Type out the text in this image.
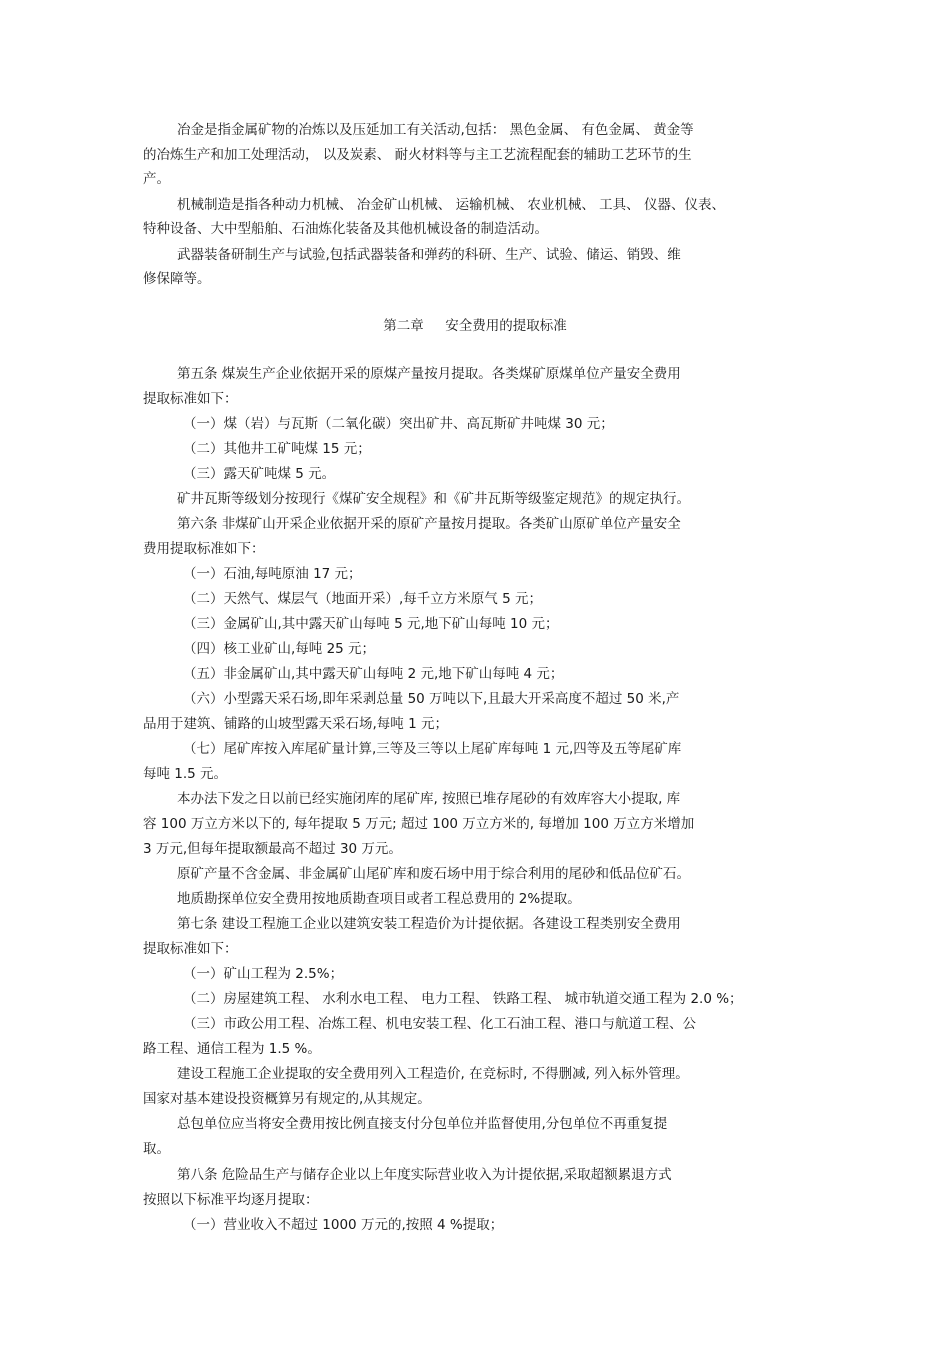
冶金是指金属矿物的冶炼以及压延加工有关活动,包括： 黑色金属、 有色金属、 黄金等

的冶炼生产和加工处理活动， 以及炭素、 耐火材料等与主工艺流程配套的辅助工艺环节的生

产。

机械制造是指各种动力机械、 冶金矿山机械、 运输机械、 农业机械、 工具、 仪器、仪表、

特种设备、大中型船舶、石油炼化装备及其他机械设备的制造活动。

武器装备研制生产与试验,包括武器装备和弹药的科研、生产、试验、储运、销毁、维

修保障等。

第二章     安全费用的提取标准

第五条 煤炭生产企业依据开采的原煤产量按月提取。各类煤矿原煤单位产量安全费用

提取标准如下：

（一）煤（岩）与瓦斯（二氧化碳）突出矿井、高瓦斯矿井吨煤 30 元；

（二）其他井工矿吨煤 15 元；

（三）露天矿吨煤 5 元。

矿井瓦斯等级划分按现行《煤矿安全规程》和《矿井瓦斯等级鉴定规范》的规定执行。

第六条 非煤矿山开采企业依据开采的原矿产量按月提取。各类矿山原矿单位产量安全

费用提取标准如下：

（一）石油,每吨原油 17 元；

（二）天然气、煤层气（地面开采）,每千立方米原气 5 元；

（三）金属矿山,其中露天矿山每吨 5 元,地下矿山每吨 10 元；

（四）核工业矿山,每吨 25 元；

（五）非金属矿山,其中露天矿山每吨 2 元,地下矿山每吨 4 元；

（六）小型露天采石场,即年采剥总量 50 万吨以下,且最大开采高度不超过 50 米,产

品用于建筑、铺路的山坡型露天采石场,每吨 1 元；

（七）尾矿库按入库尾矿量计算,三等及三等以上尾矿库每吨 1 元,四等及五等尾矿库

每吨 1.5 元。

本办法下发之日以前已经实施闭库的尾矿库, 按照已堆存尾砂的有效库容大小提取, 库

容 100 万立方米以下的, 每年提取 5 万元; 超过 100 万立方米的, 每增加 100 万立方米增加

3 万元,但每年提取额最高不超过 30 万元。

原矿产量不含金属、非金属矿山尾矿库和废石场中用于综合利用的尾砂和低品位矿石。

地质勘探单位安全费用按地质勘查项目或者工程总费用的 2%提取。

第七条 建设工程施工企业以建筑安装工程造价为计提依据。各建设工程类别安全费用

提取标准如下：

（一）矿山工程为 2.5%；

（二）房屋建筑工程、 水利水电工程、 电力工程、 铁路工程、 城市轨道交通工程为 2.0 %；

（三）市政公用工程、冶炼工程、机电安装工程、化工石油工程、港口与航道工程、公

路工程、通信工程为 1.5 %。

建设工程施工企业提取的安全费用列入工程造价, 在竞标时, 不得删减, 列入标外管理。

国家对基本建设投资概算另有规定的,从其规定。

总包单位应当将安全费用按比例直接支付分包单位并监督使用,分包单位不再重复提

取。

第八条 危险品生产与储存企业以上年度实际营业收入为计提依据,采取超额累退方式

按照以下标准平均逐月提取：

（一）营业收入不超过 1000 万元的,按照 4 %提取；
